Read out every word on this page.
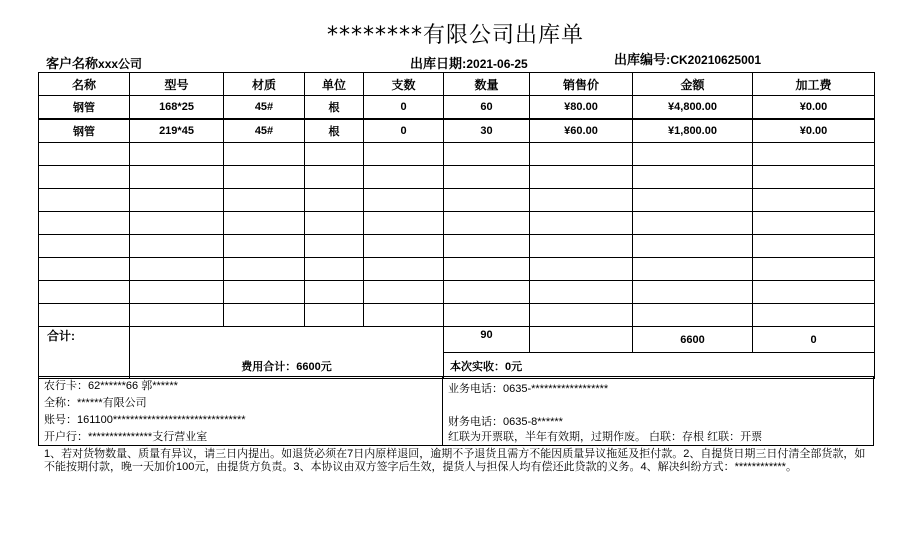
********有限公司出库单
客户名称xxx公司	出库日期:2021-06-25	出库编号:CK20210625001
名称	型号	材质	单位	支数	数量	销售价	金额	加工费
钢管	168*25	45#	根	0	60	¥80.00	¥4,800.00	¥0.00
钢管	219*45	45#	根	0	30	¥60.00	¥1,800.00	¥0.00

合计:	费用合计：6600元				90		6600	0
					本次实收：0元			
农行卡：62******66 郭******
全称：******有限公司
账号：161100*******************************
开户行：***************支行营业室
业务电话：0635-******************
财务电话：0635-8******
红联为开票联，半年有效期，过期作废。 白联：存根 红联：开票
1、若对货物数量、质量有异议，请三日内提出。如退货必须在7日内原样退回，逾期不予退货且需方不能因质量异议拖延及拒付款。2、自提货日期三日付清全部货款，如不能按期付款，晚一天加价100元，由提货方负责。3、本协议由双方签字后生效，提货人与担保人均有偿还此贷款的义务。4、解决纠纷方式：************。
